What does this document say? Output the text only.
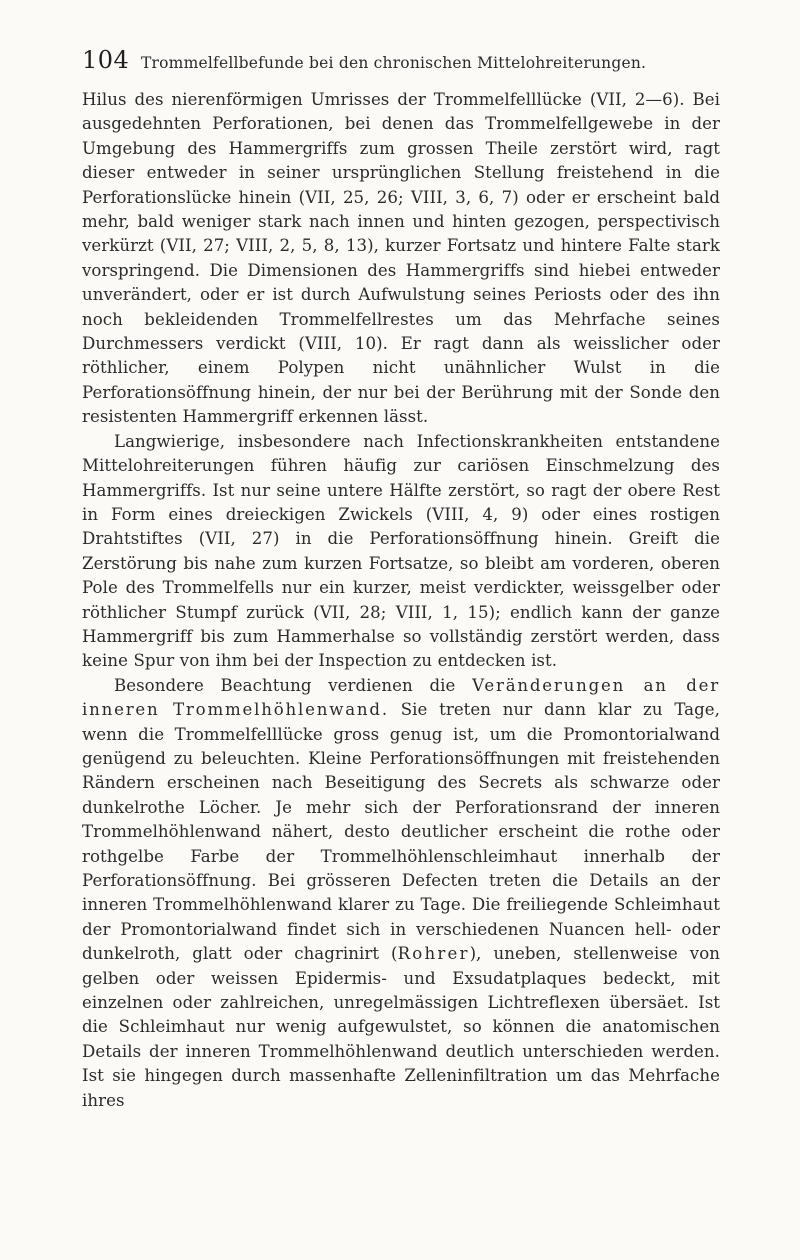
104 Trommelfellbefunde bei den chronischen Mittelohreiterungen.

Hilus des nierenförmigen Umrisses der Trommelfelllücke (VII, 2—6). Bei ausgedehnten Perforationen, bei denen das Trommelfellgewebe in der Umgebung des Hammergriffs zum grossen Theile zerstört wird, ragt dieser entweder in seiner ursprünglichen Stellung freistehend in die Perforationslücke hinein (VII, 25, 26; VIII, 3, 6, 7) oder er erscheint bald mehr, bald weniger stark nach innen und hinten gezogen, perspectivisch verkürzt (VII, 27; VIII, 2, 5, 8, 13), kurzer Fortsatz und hintere Falte stark vorspringend. Die Dimensionen des Hammergriffs sind hiebei entweder unverändert, oder er ist durch Aufwulstung seines Periosts oder des ihn noch bekleidenden Trommelfellrestes um das Mehrfache seines Durchmessers verdickt (VIII, 10). Er ragt dann als weisslicher oder röthlicher, einem Polypen nicht unähnlicher Wulst in die Perforationsöffnung hinein, der nur bei der Berührung mit der Sonde den resistenten Hammergriff erkennen lässt.

Langwierige, insbesondere nach Infectionskrankheiten entstandene Mittelohreiterungen führen häufig zur cariösen Einschmelzung des Hammergriffs. Ist nur seine untere Hälfte zerstört, so ragt der obere Rest in Form eines dreieckigen Zwickels (VIII, 4, 9) oder eines rostigen Drahtstiftes (VII, 27) in die Perforationsöffnung hinein. Greift die Zerstörung bis nahe zum kurzen Fortsatze, so bleibt am vorderen, oberen Pole des Trommelfells nur ein kurzer, meist verdickter, weissgelber oder röthlicher Stumpf zurück (VII, 28; VIII, 1, 15); endlich kann der ganze Hammergriff bis zum Hammerhalse so vollständig zerstört werden, dass keine Spur von ihm bei der Inspection zu entdecken ist.

Besondere Beachtung verdienen die Veränderungen an der inneren Trommelhöhlenwand. Sie treten nur dann klar zu Tage, wenn die Trommelfelllücke gross genug ist, um die Promontorialwand genügend zu beleuchten. Kleine Perforationsöffnungen mit freistehenden Rändern erscheinen nach Beseitigung des Secrets als schwarze oder dunkelrothe Löcher. Je mehr sich der Perforationsrand der inneren Trommelhöhlenwand nähert, desto deutlicher erscheint die rothe oder rothgelbe Farbe der Trommelhöhlenschleimhaut innerhalb der Perforationsöffnung. Bei grösseren Defecten treten die Details an der inneren Trommelhöhlenwand klarer zu Tage. Die freiliegende Schleimhaut der Promontorialwand findet sich in verschiedenen Nuancen hell- oder dunkelroth, glatt oder chagrinirt (Rohrer), uneben, stellenweise von gelben oder weissen Epidermis- und Exsudatplaques bedeckt, mit einzelnen oder zahlreichen, unregelmässigen Lichtreflexen übersäet. Ist die Schleimhaut nur wenig aufgewulstet, so können die anatomischen Details der inneren Trommelhöhlenwand deutlich unterschieden werden. Ist sie hingegen durch massenhafte Zelleninfiltration um das Mehrfache ihres
